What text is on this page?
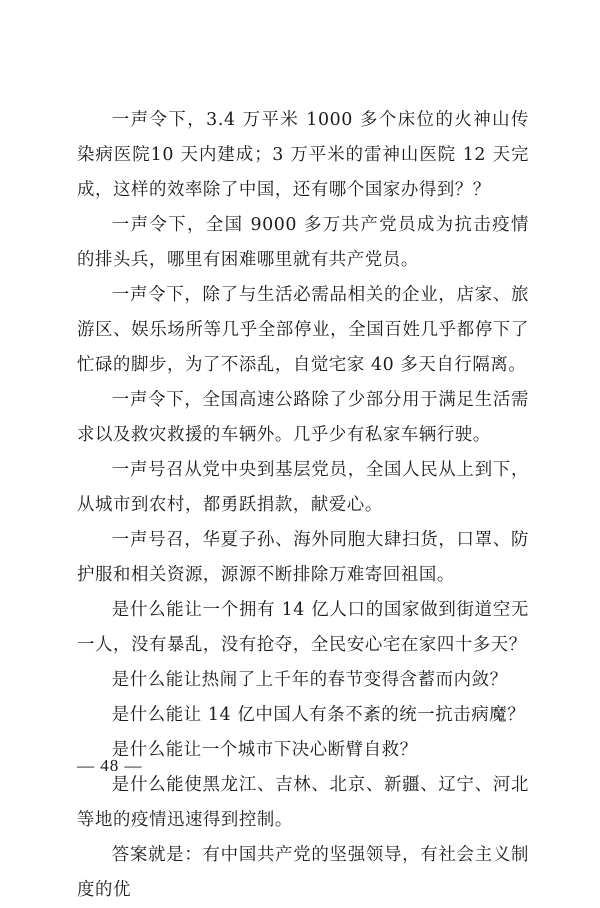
一声令下，3.4 万平米 1000 多个床位的火神山传染病医院10 天内建成；3 万平米的雷神山医院 12 天完成，这样的效率除了中国，还有哪个国家办得到？？

一声令下，全国 9000 多万共产党员成为抗击疫情的排头兵，哪里有困难哪里就有共产党员。

一声令下，除了与生活必需品相关的企业，店家、旅游区、娱乐场所等几乎全部停业，全国百姓几乎都停下了忙碌的脚步，为了不添乱，自觉宅家 40 多天自行隔离。

一声令下，全国高速公路除了少部分用于满足生活需求以及救灾救援的车辆外。几乎少有私家车辆行驶。

一声号召从党中央到基层党员，全国人民从上到下，从城市到农村，都勇跃捐款，献爱心。

一声号召，华夏子孙、海外同胞大肆扫货，口罩、防护服和相关资源，源源不断排除万难寄回祖国。

是什么能让一个拥有 14 亿人口的国家做到街道空无一人，没有暴乱，没有抢夺，全民安心宅在家四十多天？

是什么能让热闹了上千年的春节变得含蓄而内敛？

是什么能让 14 亿中国人有条不紊的统一抗击病魔？

是什么能让一个城市下决心断臂自救？

是什么能使黑龙江、吉林、北京、新疆、辽宁、河北等地的疫情迅速得到控制。

答案就是：有中国共产党的坚强领导，有社会主义制度的优

— 48 —
